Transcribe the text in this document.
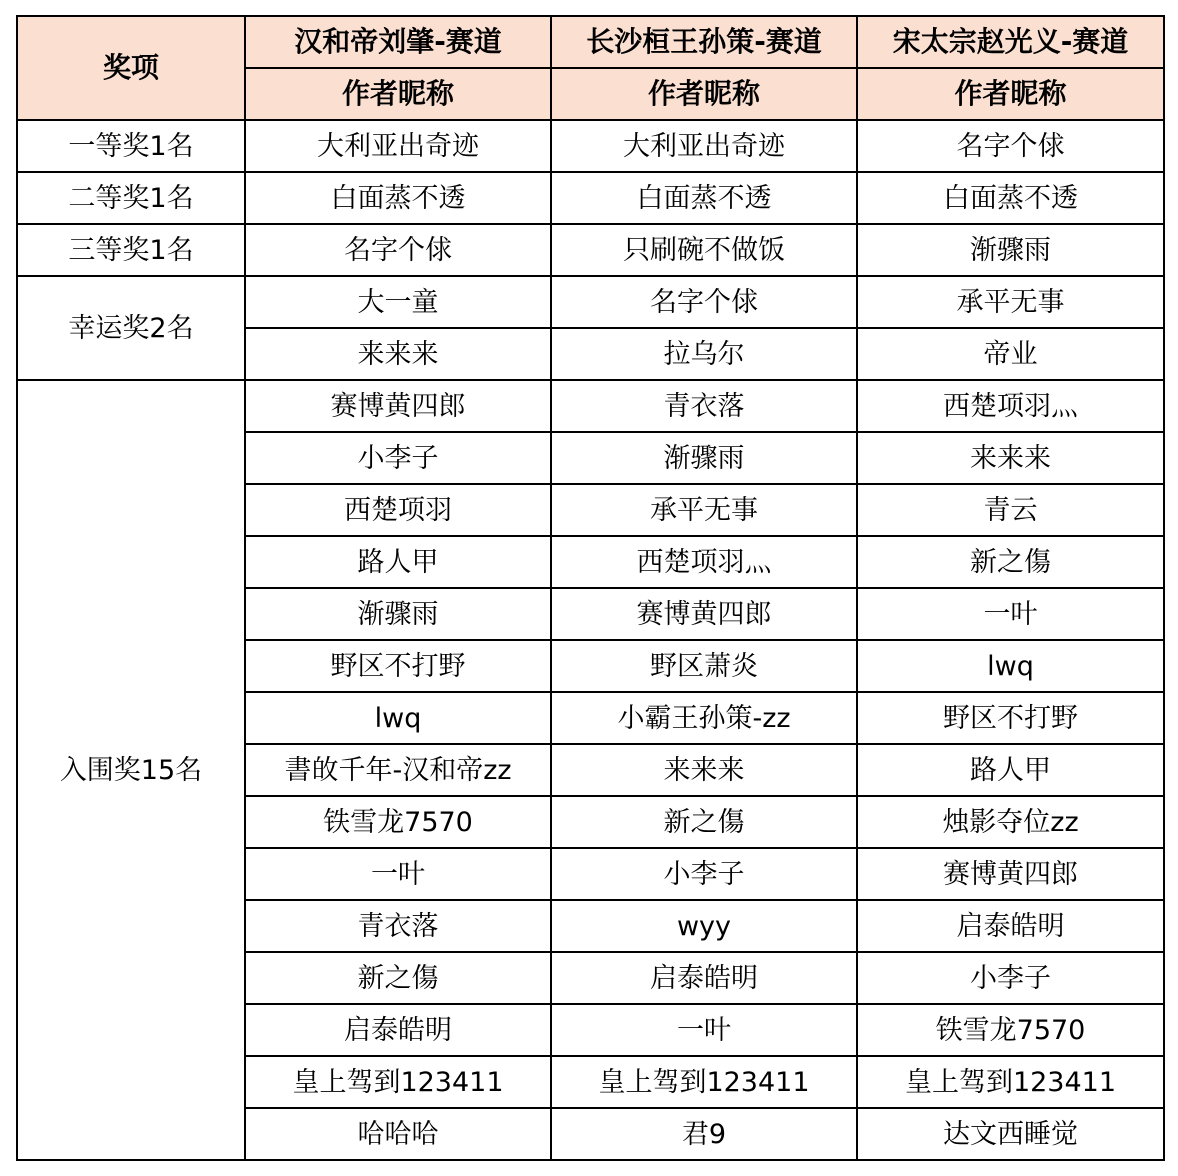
奖项	汉和帝刘肇-赛道	长沙桓王孙策-赛道	宋太宗赵光义-赛道
	作者昵称	作者昵称	作者昵称
一等奖1名	大利亚出奇迹	大利亚出奇迹	名字个俅
二等奖1名	白面蒸不透	白面蒸不透	白面蒸不透
三等奖1名	名字个俅	只刷碗不做饭	渐骤雨
幸运奖2名	大一童	名字个俅	承平无事
	来来来	拉乌尔	帝业
入围奖15名	赛博黄四郎	青衣落	西楚项羽灬
	小李子	渐骤雨	来来来
	西楚项羽	承平无事	青云
	路人甲	西楚项羽灬	新之傷
	渐骤雨	赛博黄四郎	一叶
	野区不打野	野区萧炎	lwq
	lwq	小霸王孙策-zz	野区不打野
	書敀千年-汉和帝zz	来来来	路人甲
	铁雪龙7570	新之傷	烛影夺位zz
	一叶	小李子	赛博黄四郎
	青衣落	wyy	启泰皓明
	新之傷	启泰皓明	小李子
	启泰皓明	一叶	铁雪龙7570
	皇上驾到123411	皇上驾到123411	皇上驾到123411
	哈哈哈	君9	达文西睡觉
